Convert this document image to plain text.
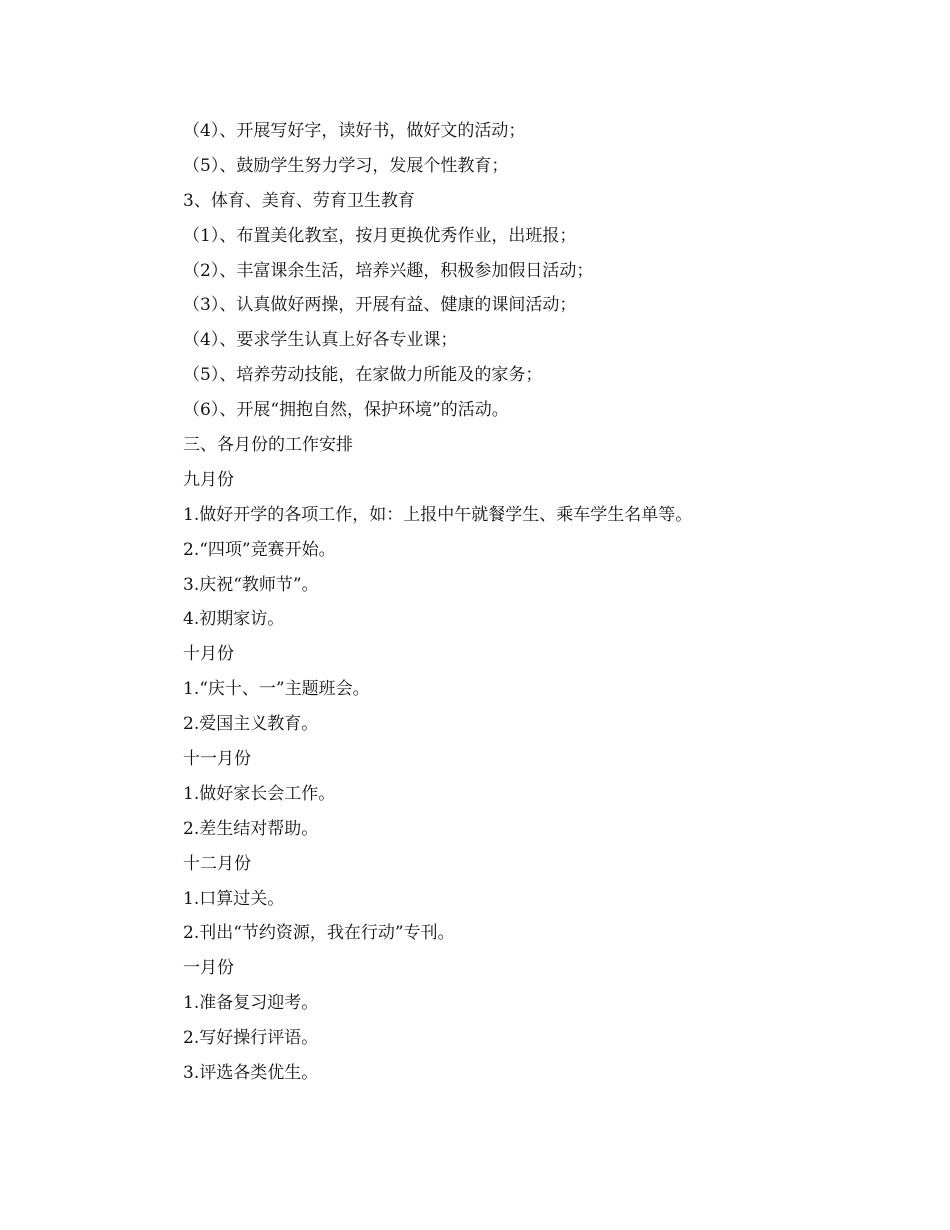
（4）、开展写好字，读好书，做好文的活动；
（5）、鼓励学生努力学习，发展个性教育；
3、体育、美育、劳育卫生教育
（1）、布置美化教室，按月更换优秀作业，出班报；
（2）、丰富课余生活，培养兴趣，积极参加假日活动；
（3）、认真做好两操，开展有益、健康的课间活动；
（4）、要求学生认真上好各专业课；
（5）、培养劳动技能，在家做力所能及的家务；
（6）、开展“拥抱自然，保护环境”的活动。
三、各月份的工作安排
九月份
1.做好开学的各项工作，如：上报中午就餐学生、乘车学生名单等。
2.“四项”竞赛开始。
3.庆祝“教师节”。
4.初期家访。
十月份
1.“庆十、一”主题班会。
2.爱国主义教育。
十一月份
1.做好家长会工作。
2.差生结对帮助。
十二月份
1.口算过关。
2.刊出“节约资源，我在行动”专刊。
一月份
1.准备复习迎考。
2.写好操行评语。
3.评选各类优生。
